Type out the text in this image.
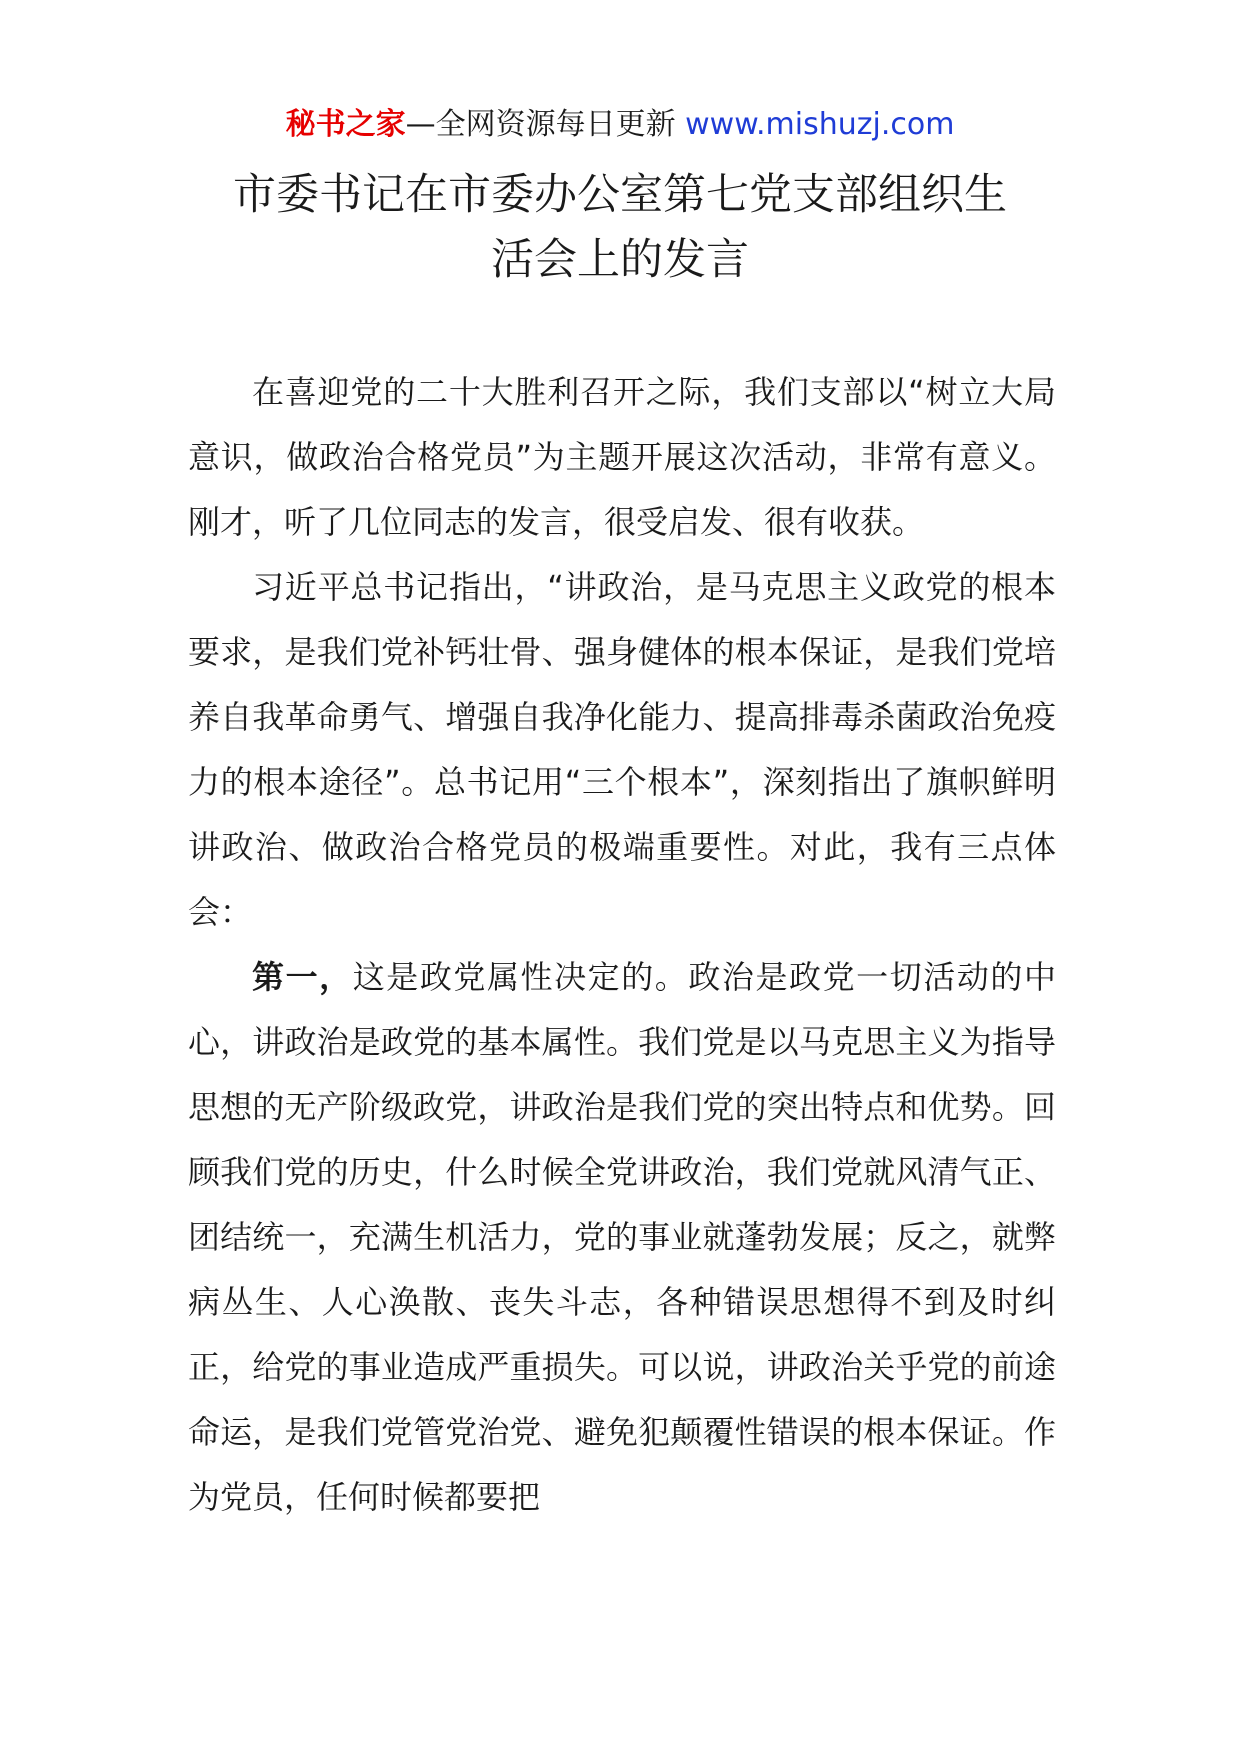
秘书之家—全网资源每日更新 www.mishuzj.com
市委书记在市委办公室第七党支部组织生
活会上的发言

在喜迎党的二十大胜利召开之际，我们支部以“树立大局意识，做政治合格党员”为主题开展这次活动，非常有意义。刚才，听了几位同志的发言，很受启发、很有收获。

习近平总书记指出，“讲政治，是马克思主义政党的根本要求，是我们党补钙壮骨、强身健体的根本保证，是我们党培养自我革命勇气、增强自我净化能力、提高排毒杀菌政治免疫力的根本途径”。总书记用“三个根本”，深刻指出了旗帜鲜明讲政治、做政治合格党员的极端重要性。对此，我有三点体会：

第一，这是政党属性决定的。政治是政党一切活动的中心，讲政治是政党的基本属性。我们党是以马克思主义为指导思想的无产阶级政党，讲政治是我们党的突出特点和优势。回顾我们党的历史，什么时候全党讲政治，我们党就风清气正、团结统一，充满生机活力，党的事业就蓬勃发展；反之，就弊病丛生、人心涣散、丧失斗志，各种错误思想得不到及时纠正，给党的事业造成严重损失。可以说，讲政治关乎党的前途命运，是我们党管党治党、避免犯颠覆性错误的根本保证。作为党员，任何时候都要把
